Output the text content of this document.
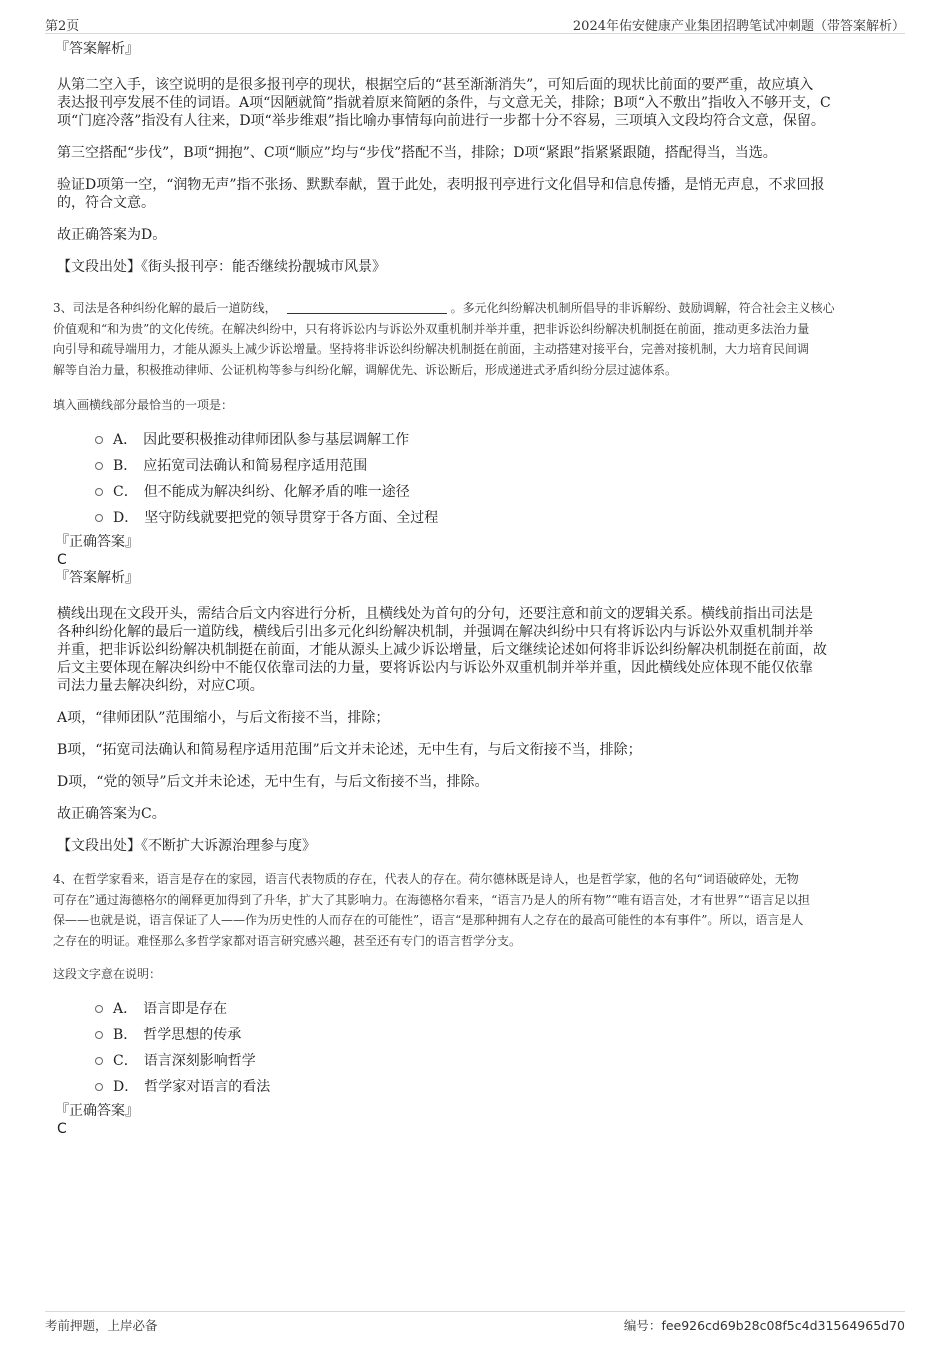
第2页	2024年佑安健康产业集团招聘笔试冲刺题（带答案解析）

『答案解析』

从第二空入手，该空说明的是很多报刊亭的现状，根据空后的“甚至渐渐消失”，可知后面的现状比前面的要严重，故应填入

表达报刊亭发展不佳的词语。A项“因陋就简”指就着原来简陋的条件，与文意无关，排除；B项“入不敷出”指收入不够开支，C

项“门庭冷落”指没有人往来，D项“举步维艰”指比喻办事情每向前进行一步都十分不容易，三项填入文段均符合文意，保留。

第三空搭配“步伐”，B项“拥抱”、C项“顺应”均与“步伐”搭配不当，排除；D项“紧跟”指紧紧跟随，搭配得当，当选。

验证D项第一空，“润物无声”指不张扬、默默奉献，置于此处，表明报刊亭进行文化倡导和信息传播，是悄无声息，不求回报

的，符合文意。

故正确答案为D。

【文段出处】《街头报刊亭：能否继续扮靓城市风景》

3、司法是各种纠纷化解的最后一道防线，	。多元化纠纷解决机制所倡导的非诉解纷、鼓励调解，符合社会主义核心

价值观和“和为贵”的文化传统。在解决纠纷中，只有将诉讼内与诉讼外双重机制并举并重，把非诉讼纠纷解决机制挺在前面，推动更多法治力量

向引导和疏导端用力，才能从源头上减少诉讼增量。坚持将非诉讼纠纷解决机制挺在前面，主动搭建对接平台，完善对接机制，大力培育民间调

解等自治力量，积极推动律师、公证机构等参与纠纷化解，调解优先、诉讼断后，形成递进式矛盾纠纷分层过滤体系。

填入画横线部分最恰当的一项是：

A． 因此要积极推动律师团队参与基层调解工作
B． 应拓宽司法确认和简易程序适用范围
C． 但不能成为解决纠纷、化解矛盾的唯一途径
D． 坚守防线就要把党的领导贯穿于各方面、全过程

『正确答案』

C

『答案解析』

横线出现在文段开头，需结合后文内容进行分析，且横线处为首句的分句，还要注意和前文的逻辑关系。横线前指出司法是

各种纠纷化解的最后一道防线，横线后引出多元化纠纷解决机制，并强调在解决纠纷中只有将诉讼内与诉讼外双重机制并举

并重，把非诉讼纠纷解决机制挺在前面，才能从源头上减少诉讼增量，后文继续论述如何将非诉讼纠纷解决机制挺在前面，故

后文主要体现在解决纠纷中不能仅依靠司法的力量，要将诉讼内与诉讼外双重机制并举并重，因此横线处应体现不能仅依靠

司法力量去解决纠纷，对应C项。

A项，“律师团队”范围缩小，与后文衔接不当，排除；

B项，“拓宽司法确认和简易程序适用范围”后文并未论述，无中生有，与后文衔接不当，排除；

D项，“党的领导”后文并未论述，无中生有，与后文衔接不当，排除。

故正确答案为C。

【文段出处】《不断扩大诉源治理参与度》

4、在哲学家看来，语言是存在的家园，语言代表物质的存在，代表人的存在。荷尔德林既是诗人，也是哲学家，他的名句“词语破碎处，无物

可存在”通过海德格尔的阐释更加得到了升华，扩大了其影响力。在海德格尔看来，“语言乃是人的所有物”“唯有语言处，才有世界”“语言足以担

保——也就是说，语言保证了人——作为历史性的人而存在的可能性”，语言“是那种拥有人之存在的最高可能性的本有事件”。所以，语言是人

之存在的明证。难怪那么多哲学家都对语言研究感兴趣，甚至还有专门的语言哲学分支。

这段文字意在说明：

A． 语言即是存在
B． 哲学思想的传承
C． 语言深刻影响哲学
D． 哲学家对语言的看法

『正确答案』

C

考前押题，上岸必备	编号：fee926cd69b28c08f5c4d31564965d70
